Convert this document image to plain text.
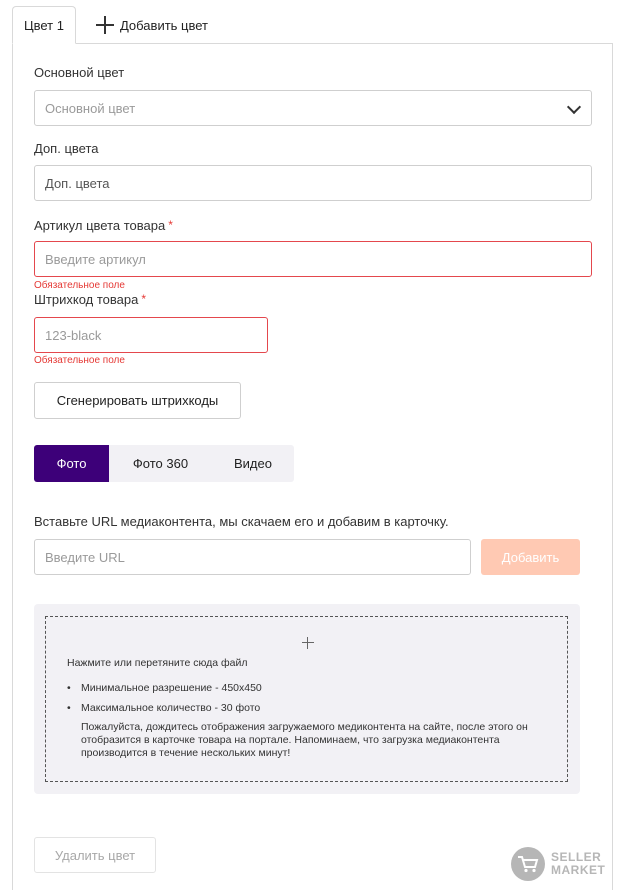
Цвет 1	Добавить цвет
Основной цвет
Основной цвет
Доп. цвета
Доп. цвета
Артикул цвета товара *
Введите артикул
Обязательное поле
Штрихкод товара *
123-black
Обязательное поле
Сгенерировать штрихкоды
Фото	Фото 360	Видео
Вставьте URL медиаконтента, мы скачаем его и добавим в карточку.
Введите URL	Добавить
Нажмите или перетяните сюда файл
• Минимальное разрешение - 450x450
• Максимальное количество - 30 фото
Пожалуйста, дождитесь отображения загружаемого медиконтента на сайте, после этого он отобразится в карточке товара на портале. Напоминаем, что загрузка медиаконтента производится в течение нескольких минут!
Удалить цвет	SELLER
MARKET
